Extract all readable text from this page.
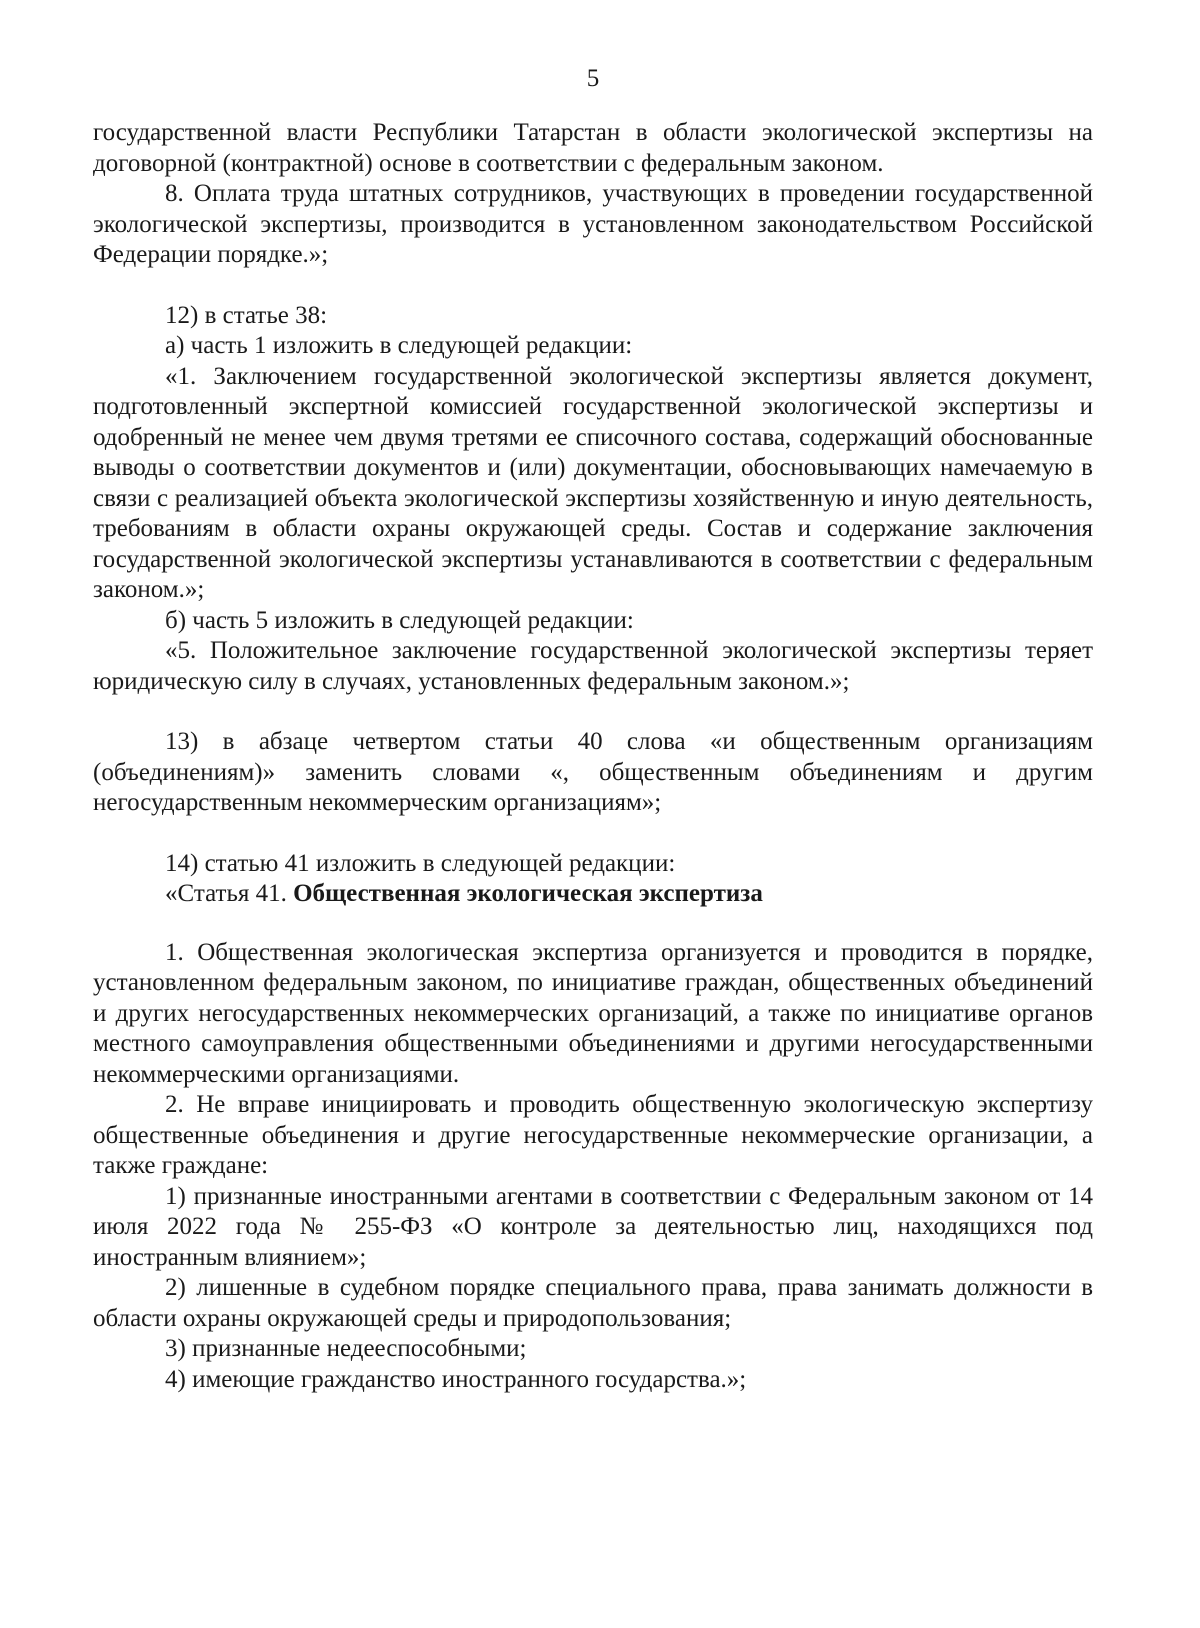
5

государственной власти Республики Татарстан в области экологической экспертизы на договорной (контрактной) основе в соответствии с федеральным законом.

8. Оплата труда штатных сотрудников, участвующих в проведении государственной экологической экспертизы, производится в установленном законодательством Российской Федерации порядке.»;

12) в статье 38:

а) часть 1 изложить в следующей редакции:

«1. Заключением государственной экологической экспертизы является документ, подготовленный экспертной комиссией государственной экологической экспертизы и одобренный не менее чем двумя третями ее списочного состава, содержащий обоснованные выводы о соответствии документов и (или) документации, обосновывающих намечаемую в связи с реализацией объекта экологической экспертизы хозяйственную и иную деятельность, требованиям в области охраны окружающей среды. Состав и содержание заключения государственной экологической экспертизы устанавливаются в соответствии с федеральным законом.»;

б) часть 5 изложить в следующей редакции:

«5. Положительное заключение государственной экологической экспертизы теряет юридическую силу в случаях, установленных федеральным законом.»;

13) в абзаце четвертом статьи 40 слова «и общественным организациям (объединениям)» заменить словами «, общественным объединениям и другим негосударственным некоммерческим организациям»;

14) статью 41 изложить в следующей редакции:

«Статья 41. Общественная экологическая экспертиза

1. Общественная экологическая экспертиза организуется и проводится в порядке, установленном федеральным законом, по инициативе граждан, общественных объединений и других негосударственных некоммерческих организаций, а также по инициативе органов местного самоуправления общественными объединениями и другими негосударственными некоммерческими организациями.

2. Не вправе инициировать и проводить общественную экологическую экспертизу общественные объединения и другие негосударственные некоммерческие организации, а также граждане:

1) признанные иностранными агентами в соответствии с Федеральным законом от 14 июля 2022 года № 255-ФЗ «О контроле за деятельностью лиц, находящихся под иностранным влиянием»;

2) лишенные в судебном порядке специального права, права занимать должности в области охраны окружающей среды и природопользования;

3) признанные недееспособными;

4) имеющие гражданство иностранного государства.»;
